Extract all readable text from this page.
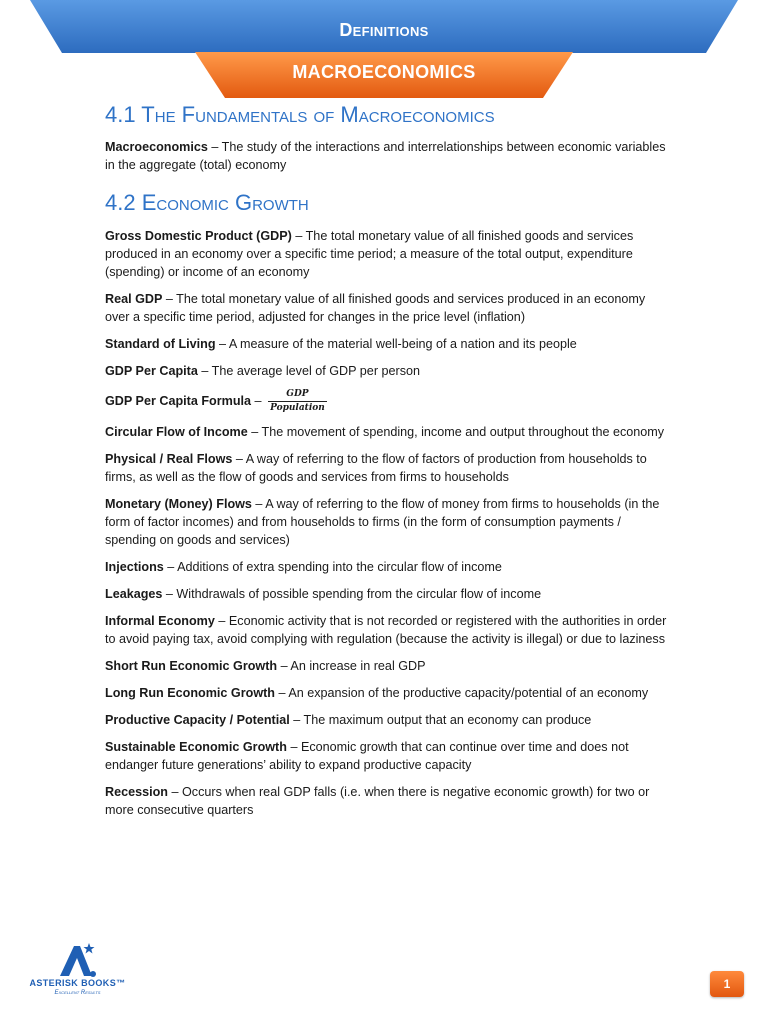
Definitions
MACROECONOMICS
4.1 The Fundamentals of Macroeconomics

Macroeconomics – The study of the interactions and interrelationships between economic variables in the aggregate (total) economy

4.2 Economic Growth

Gross Domestic Product (GDP) – The total monetary value of all finished goods and services produced in an economy over a specific time period; a measure of the total output, expenditure (spending) or income of an economy

Real GDP – The total monetary value of all finished goods and services produced in an economy over a specific time period, adjusted for changes in the price level (inflation)

Standard of Living – A measure of the material well-being of a nation and its people

GDP Per Capita – The average level of GDP per person

GDP Per Capita Formula – $\frac{\text{GDP}}{\text{Population}}$

Circular Flow of Income – The movement of spending, income and output throughout the economy

Physical / Real Flows – A way of referring to the flow of factors of production from households to firms, as well as the flow of goods and services from firms to households

Monetary (Money) Flows – A way of referring to the flow of money from firms to households (in the form of factor incomes) and from households to firms (in the form of consumption payments / spending on goods and services)

Injections – Additions of extra spending into the circular flow of income

Leakages – Withdrawals of possible spending from the circular flow of income

Informal Economy – Economic activity that is not recorded or registered with the authorities in order to avoid paying tax, avoid complying with regulation (because the activity is illegal) or due to laziness

Short Run Economic Growth – An increase in real GDP

Long Run Economic Growth – An expansion of the productive capacity/potential of an economy

Productive Capacity / Potential – The maximum output that an economy can produce

Sustainable Economic Growth – Economic growth that can continue over time and does not endanger future generations’ ability to expand productive capacity

Recession – Occurs when real GDP falls (i.e. when there is negative economic growth) for two or more consecutive quarters

ASTERISK BOOKS™
Excellent Results
1
